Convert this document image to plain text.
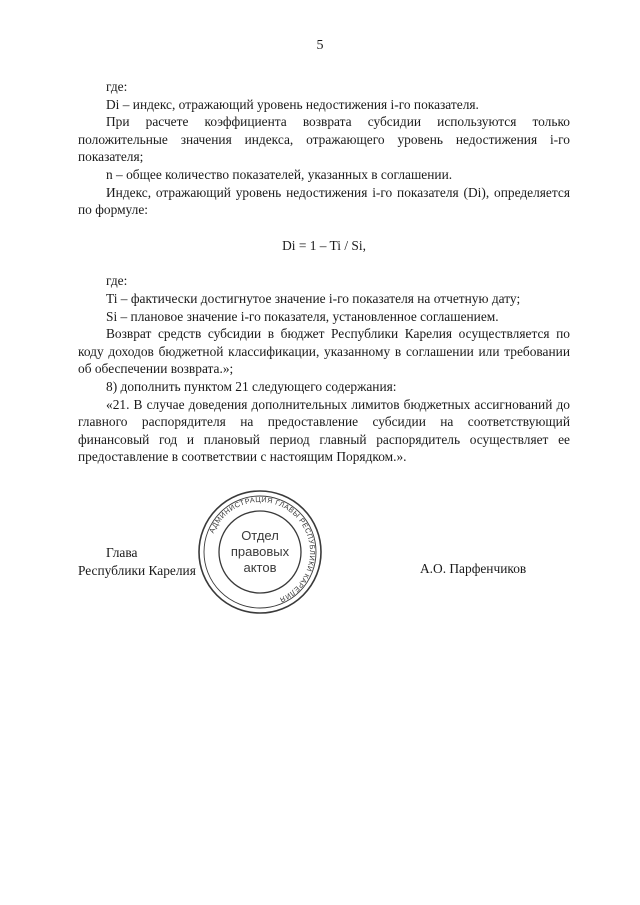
5

где:

Di – индекс, отражающий уровень недостижения i-го показателя.

При расчете коэффициента возврата субсидии используются только положительные значения индекса, отражающего уровень недостижения i-го показателя;

n – общее количество показателей, указанных в соглашении.

Индекс, отражающий уровень недостижения i-го показателя (Di), определяется по формуле:

Di = 1 – Ti / Si,

где:

Ti – фактически достигнутое значение i-го показателя на отчетную дату;

Si – плановое значение i-го показателя, установленное соглашением.

Возврат средств субсидии в бюджет Республики Карелия осуществляется по коду доходов бюджетной классификации, указанному в соглашении или требовании об обеспечении возврата.»;

8) дополнить пунктом 21 следующего содержания:

«21. В случае доведения дополнительных лимитов бюджетных ассигнований до главного распорядителя на предоставление субсидии на соответствующий финансовый год и плановый период главный распорядитель осуществляет ее предоставление в соответствии с настоящим Порядком.».

Глава
Республики Карелия	А.О. Парфенчиков
АДМИНИСТРАЦИЯ ГЛАВЫ РЕСПУБЛИКИ КАРЕЛИЯ
Отдел
правовых
актов
